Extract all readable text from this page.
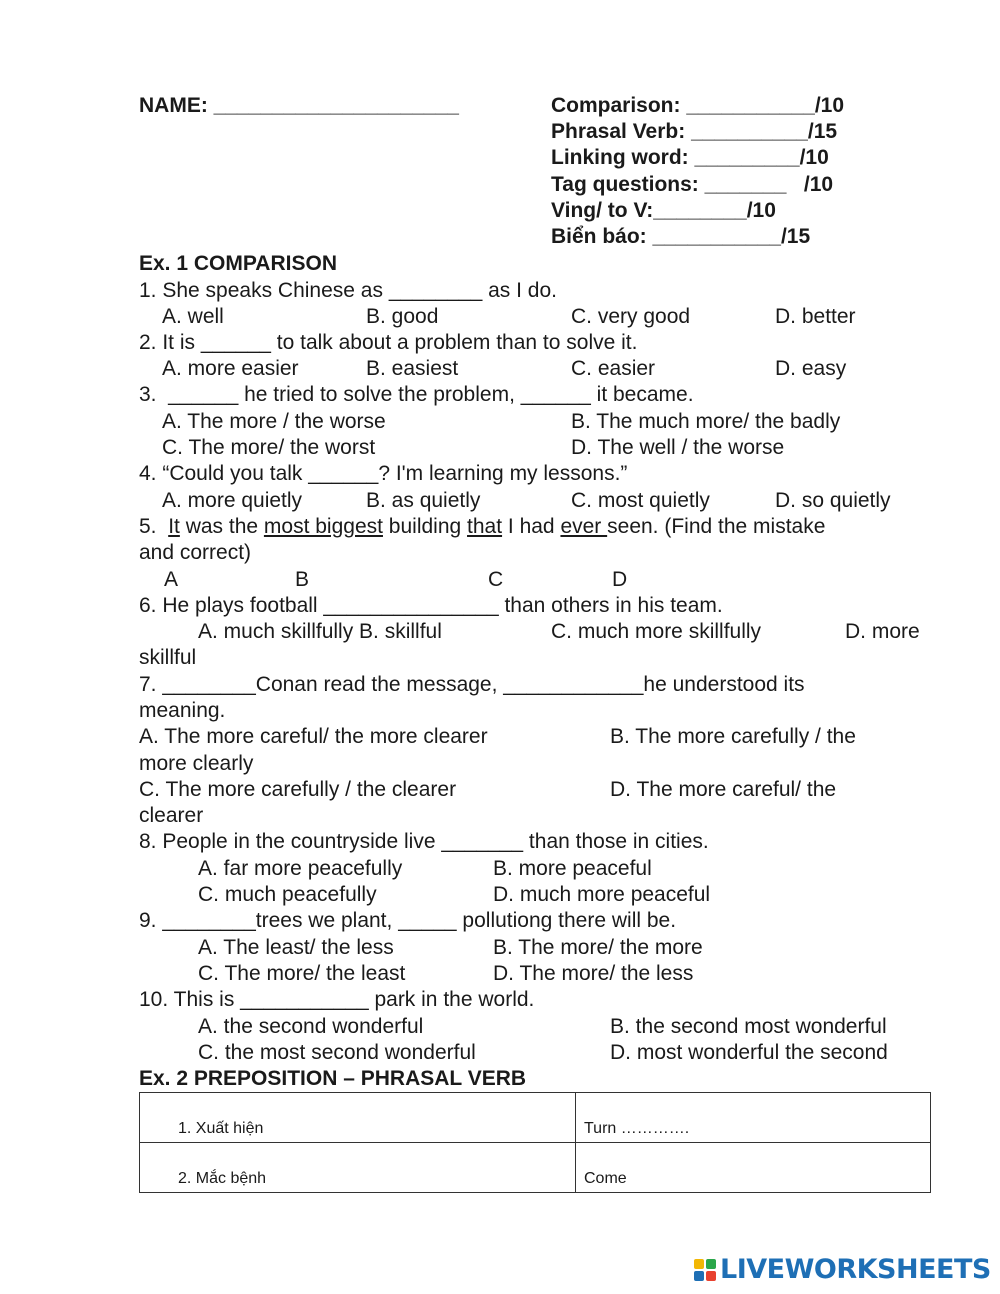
NAME: _____________________	Comparison: ___________/10
Phrasal Verb: __________/15
Linking word: _________/10
Tag questions: _______   /10
Ving/ to V:________/10
Biển báo: ___________/15
Ex. 1 COMPARISON
1. She speaks Chinese as ________ as I do.
A. well	B. good	C. very good	D. better
2. It is ______ to talk about a problem than to solve it.
A. more easier	B. easiest	C. easier	D. easy
3.  ______ he tried to solve the problem, ______ it became.
A. The more / the worse	B. The much more/ the badly
C. The more/ the worst	D. The well / the worse
4. “Could you talk ______? I'm learning my lessons.”
A. more quietly	B. as quietly	C. most quietly	D. so quietly
5.  It was the most biggest building that I had ever seen. (Find the mistake
and correct)
A	B	C	D
6. He plays football _______________ than others in his team.
A. much skillfully B. skillful	C. much more skillfully	D. more
skillful
7. ________Conan read the message, ____________he understood its
meaning.
A. The more careful/ the more clearer	B. The more carefully / the
more clearly
C. The more carefully / the clearer	D. The more careful/ the
clearer
8. People in the countryside live _______ than those in cities.
A. far more peacefully	B. more peaceful
C. much peacefully	D. much more peaceful
9. ________trees we plant, _____ pollutiong there will be.
A. The least/ the less	B. The more/ the more
C. The more/ the least	D. The more/ the less
10. This is ___________ park in the world.
A. the second wonderful	B. the second most wonderful
C. the most second wonderful	D. most wonderful the second
Ex. 2 PREPOSITION – PHRASAL VERB
1. Xuất hiện	Turn ………….
2. Mắc bệnh	Come
LIVEWORKSHEETS
